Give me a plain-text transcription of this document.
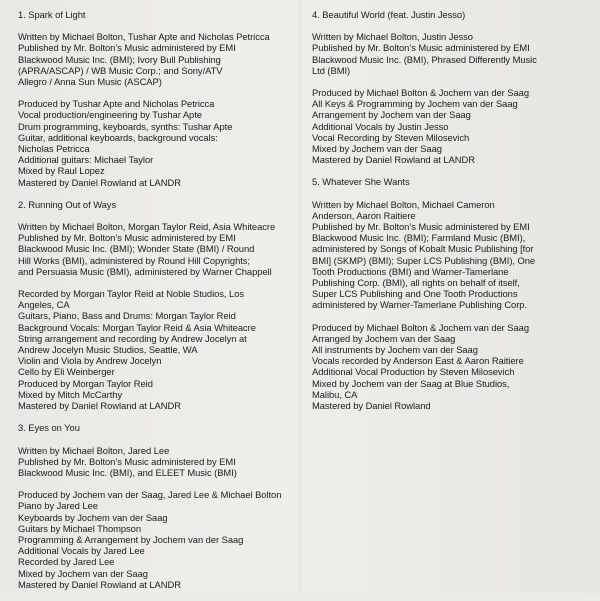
1. Spark of Light
Written by Michael Bolton, Tushar Apte and Nicholas Petricca
Published by Mr. Bolton’s Music administered by EMI
Blackwood Music Inc. (BMI); Ivory Bull Publishing
(APRA/ASCAP) / WB Music Corp.; and Sony/ATV
Allegro / Anna Sun Music (ASCAP)
Produced by Tushar Apte and Nicholas Petricca
Vocal production/engineering by Tushar Apte
Drum programming, keyboards, synths: Tushar Apte
Guitar, additional keyboards, background vocals:
Nicholas Petricca
Additional guitars: Michael Taylor
Mixed by Raul Lopez
Mastered by Daniel Rowland at LANDR
2. Running Out of Ways
Written by Michael Bolton, Morgan Taylor Reid, Asia Whiteacre
Published by Mr. Bolton’s Music administered by EMI
Blackwood Music Inc. (BMI); Wonder State (BMI) / Round
Hill Works (BMI), administered by Round Hill Copyrights;
and Persuasia Music (BMI), administered by Warner Chappell
Recorded by Morgan Taylor Reid at Noble Studios, Los
Angeles, CA
Guitars, Piano, Bass and Drums: Morgan Taylor Reid
Background Vocals: Morgan Taylor Reid & Asia Whiteacre
String arrangement and recording by Andrew Jocelyn at
Andrew Jocelyn Music Studios, Seattle, WA
Violin and Viola by Andrew Jocelyn
Cello by Eli Weinberger
Produced by Morgan Taylor Reid
Mixed by Mitch McCarthy
Mastered by Daniel Rowland at LANDR
3. Eyes on You
Written by Michael Bolton, Jared Lee
Published by Mr. Bolton’s Music administered by EMI
Blackwood Music Inc. (BMI), and ELEET Music (BMI)
Produced by Jochem van der Saag, Jared Lee & Michael Bolton
Piano by Jared Lee
Keyboards by Jochem van der Saag
Guitars by Michael Thompson
Programming & Arrangement by Jochem van der Saag
Additional Vocals by Jared Lee
Recorded by Jared Lee
Mixed by Jochem van der Saag
Mastered by Daniel Rowland at LANDR
4. Beautiful World (feat. Justin Jesso)
Written by Michael Bolton, Justin Jesso
Published by Mr. Bolton’s Music administered by EMI
Blackwood Music Inc. (BMI), Phrased Differently Music
Ltd (BMI)
Produced by Michael Bolton & Jochem van der Saag
All Keys & Programming by Jochem van der Saag
Arrangement by Jochem van der Saag
Additional Vocals by Justin Jesso
Vocal Recording by Steven Milosevich
Mixed by Jochem van der Saag
Mastered by Daniel Rowland at LANDR
5. Whatever She Wants
Written by Michael Bolton, Michael Cameron
Anderson, Aaron Raitiere
Published by Mr. Bolton’s Music administered by EMI
Blackwood Music Inc. (BMI); Farmland Music (BMI),
administered by Songs of Kobalt Music Publishing [for
BMI] (SKMP) (BMI); Super LCS Publishing (BMI), One
Tooth Productions (BMI) and Warner-Tamerlane
Publishing Corp. (BMI), all rights on behalf of itself,
Super LCS Publishing and One Tooth Productions
administered by Warner-Tamerlane Publishing Corp.
Produced by Michael Bolton & Jochem van der Saag
Arranged by Jochem van der Saag
All instruments by Jochem van der Saag
Vocals recorded by Anderson East & Aaron Raitiere
Additional Vocal Production by Steven Milosevich
Mixed by Jochem van der Saag at Blue Studios,
Malibu, CA
Mastered by Daniel Rowland
